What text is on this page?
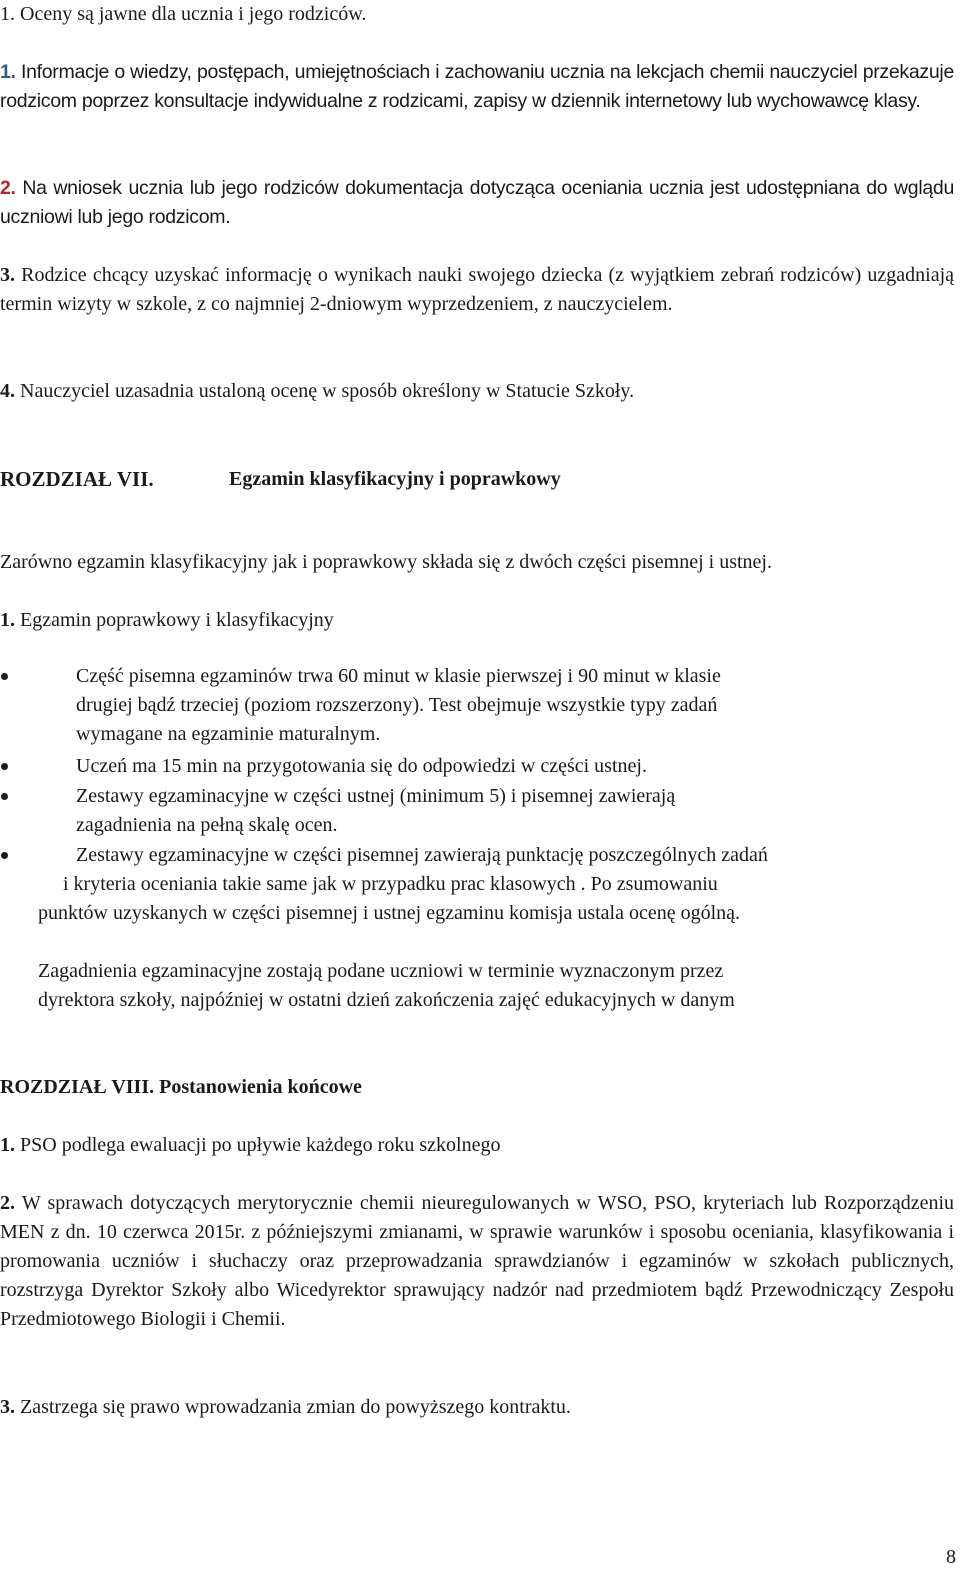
1. Oceny są jawne dla ucznia i jego rodziców.
1. Informacje o wiedzy, postępach, umiejętnościach i zachowaniu ucznia na lekcjach chemii nauczyciel przekazuje rodzicom poprzez konsultacje indywidualne z rodzicami, zapisy w dziennik internetowy lub wychowawcę klasy.
2. Na wniosek ucznia lub jego rodziców dokumentacja dotycząca oceniania ucznia jest udostępniana do wglądu uczniowi lub jego rodzicom.
3. Rodzice chcący uzyskać informację o wynikach nauki swojego dziecka (z wyjątkiem zebrań rodziców) uzgadniają termin wizyty w szkole, z co najmniej 2-dniowym wyprzedzeniem, z nauczycielem.
4. Nauczyciel uzasadnia ustaloną ocenę w sposób określony w Statucie Szkoły.
ROZDZIAŁ VII.	Egzamin klasyfikacyjny i poprawkowy
Zarówno egzamin klasyfikacyjny jak i poprawkowy składa się z dwóch części pisemnej i ustnej.
1. Egzamin poprawkowy i klasyfikacyjny
Część pisemna egzaminów trwa 60 minut w klasie pierwszej i 90 minut w klasie
drugiej bądź trzeciej (poziom rozszerzony). Test obejmuje wszystkie typy zadań
wymagane na egzaminie maturalnym.
Uczeń ma 15 min na przygotowania się do odpowiedzi w części ustnej.
Zestawy egzaminacyjne w części ustnej (minimum 5) i pisemnej zawierają
zagadnienia na pełną skalę ocen.
Zestawy egzaminacyjne w części pisemnej zawierają punktację poszczególnych zadań
i kryteria oceniania takie same jak w przypadku prac klasowych . Po zsumowaniu
punktów uzyskanych w części pisemnej i ustnej egzaminu komisja ustala ocenę ogólną.
Zagadnienia egzaminacyjne zostają podane uczniowi w terminie wyznaczonym przez
dyrektora szkoły, najpóźniej w ostatni dzień zakończenia zajęć edukacyjnych w danym
ROZDZIAŁ VIII. Postanowienia końcowe
1. PSO podlega ewaluacji po upływie każdego roku szkolnego
2. W sprawach dotyczących merytorycznie chemii nieuregulowanych w WSO, PSO, kryteriach lub Rozporządzeniu MEN z dn. 10 czerwca 2015r. z późniejszymi zmianami, w sprawie warunków i sposobu oceniania, klasyfikowania i promowania uczniów i słuchaczy oraz przeprowadzania sprawdzianów i egzaminów w szkołach publicznych, rozstrzyga Dyrektor Szkoły albo Wicedyrektor sprawujący nadzór nad przedmiotem bądź Przewodniczący Zespołu Przedmiotowego Biologii i Chemii.
3. Zastrzega się prawo wprowadzania zmian do powyższego kontraktu.
8
